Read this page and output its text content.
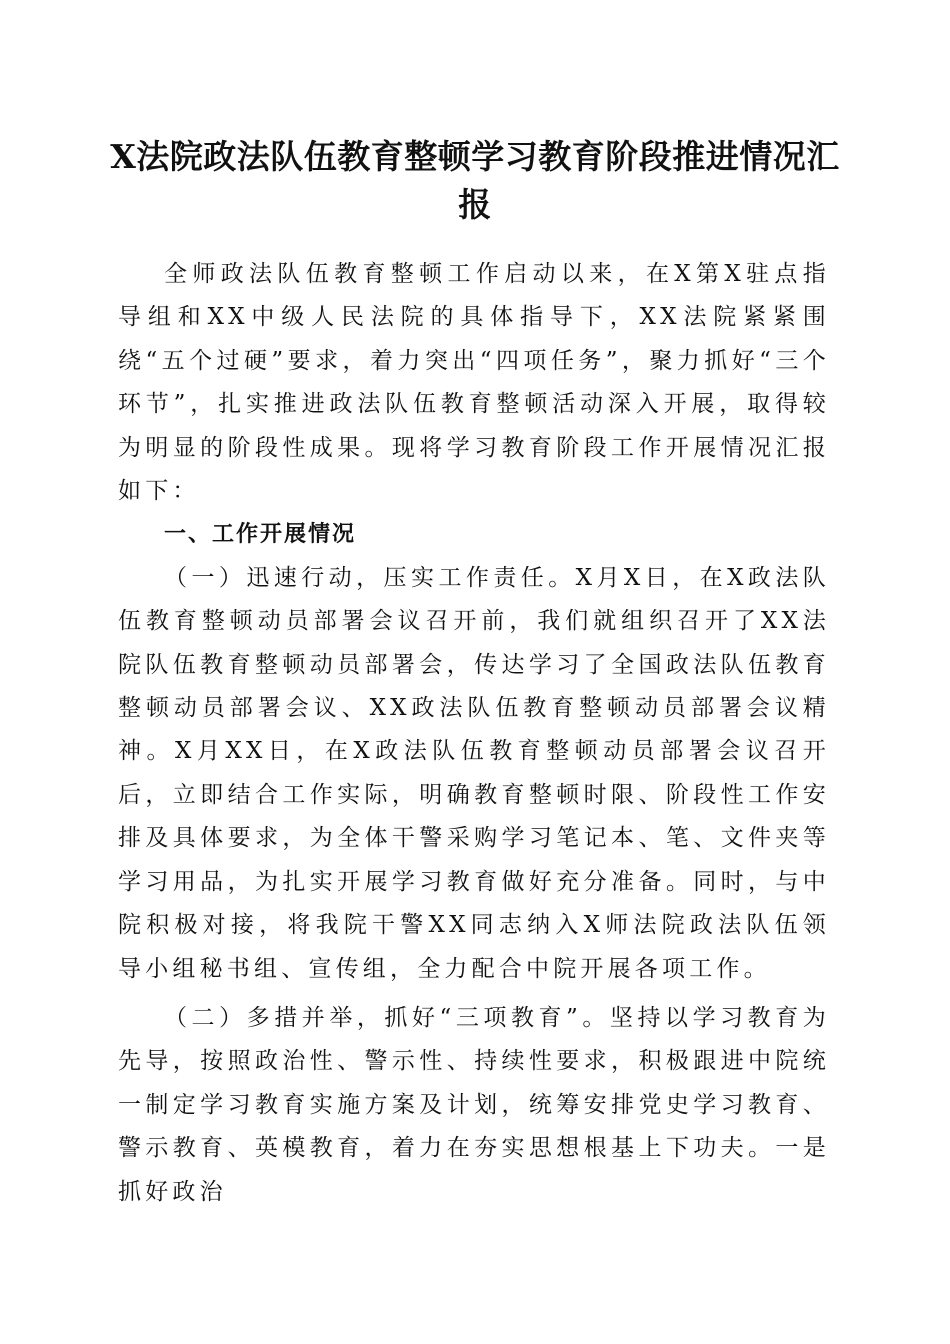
X法院政法队伍教育整顿学习教育阶段推进情况汇报

全师政法队伍教育整顿工作启动以来，在X第X驻点指导组和XX中级人民法院的具体指导下，XX法院紧紧围绕“五个过硬”要求，着力突出“四项任务”，聚力抓好“三个环节”，扎实推进政法队伍教育整顿活动深入开展，取得较为明显的阶段性成果。现将学习教育阶段工作开展情况汇报如下：

一、工作开展情况

（一）迅速行动，压实工作责任。X月X日，在X政法队伍教育整顿动员部署会议召开前，我们就组织召开了XX法院队伍教育整顿动员部署会，传达学习了全国政法队伍教育整顿动员部署会议、XX政法队伍教育整顿动员部署会议精神。X月XX日，在X政法队伍教育整顿动员部署会议召开后，立即结合工作实际，明确教育整顿时限、阶段性工作安排及具体要求，为全体干警采购学习笔记本、笔、文件夹等学习用品，为扎实开展学习教育做好充分准备。同时，与中院积极对接，将我院干警XX同志纳入X师法院政法队伍领导小组秘书组、宣传组，全力配合中院开展各项工作。

（二）多措并举，抓好“三项教育”。坚持以学习教育为先导，按照政治性、警示性、持续性要求，积极跟进中院统一制定学习教育实施方案及计划，统筹安排党史学习教育、警示教育、英模教育，着力在夯实思想根基上下功夫。一是抓好政治
